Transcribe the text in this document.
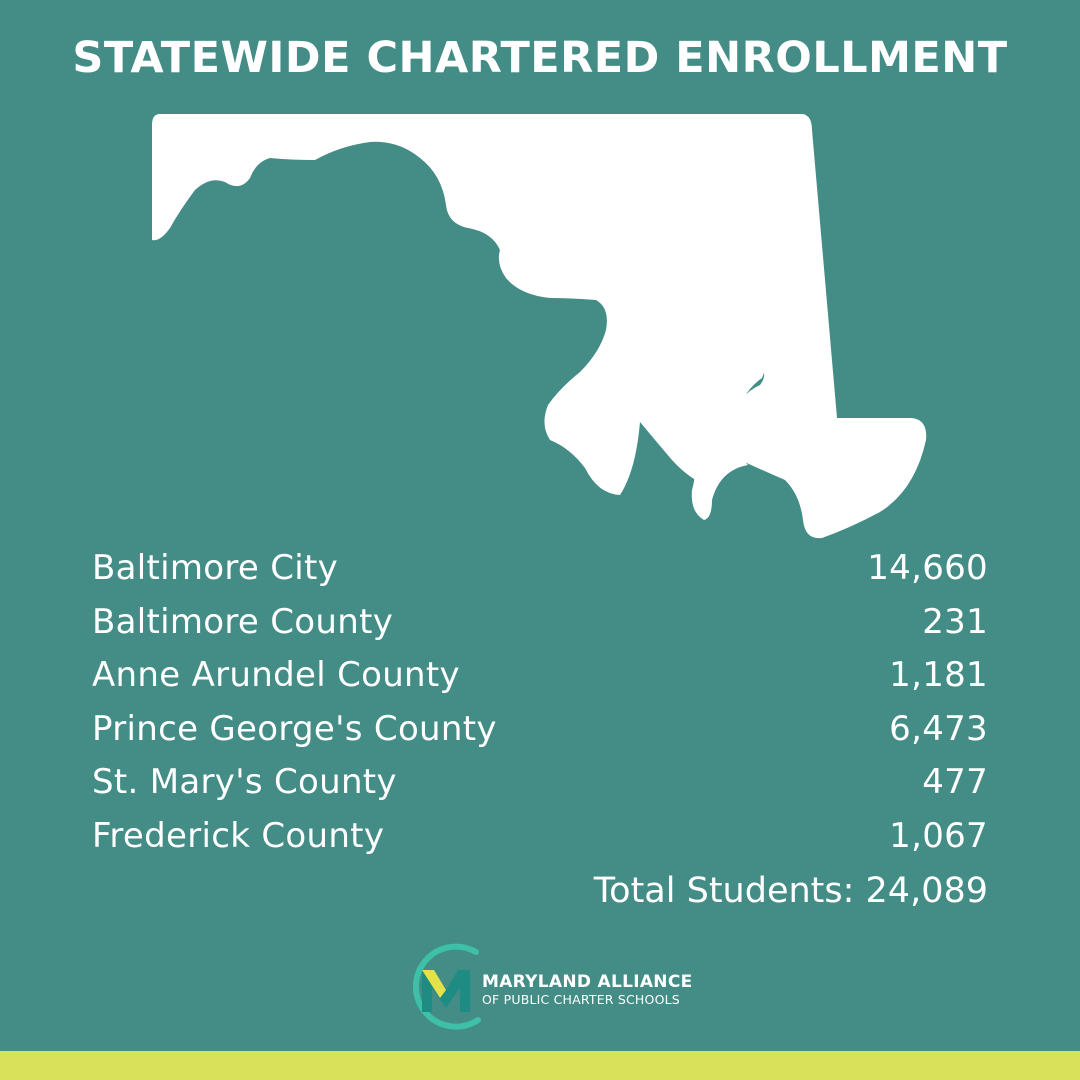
STATEWIDE CHARTERED ENROLLMENT
Baltimore City	14,660
Baltimore County	231
Anne Arundel County	1,181
Prince George's County	6,473
St. Mary's County	477
Frederick County	1,067
Total Students: 24,089
MARYLAND ALLIANCE
OF PUBLIC CHARTER SCHOOLS
